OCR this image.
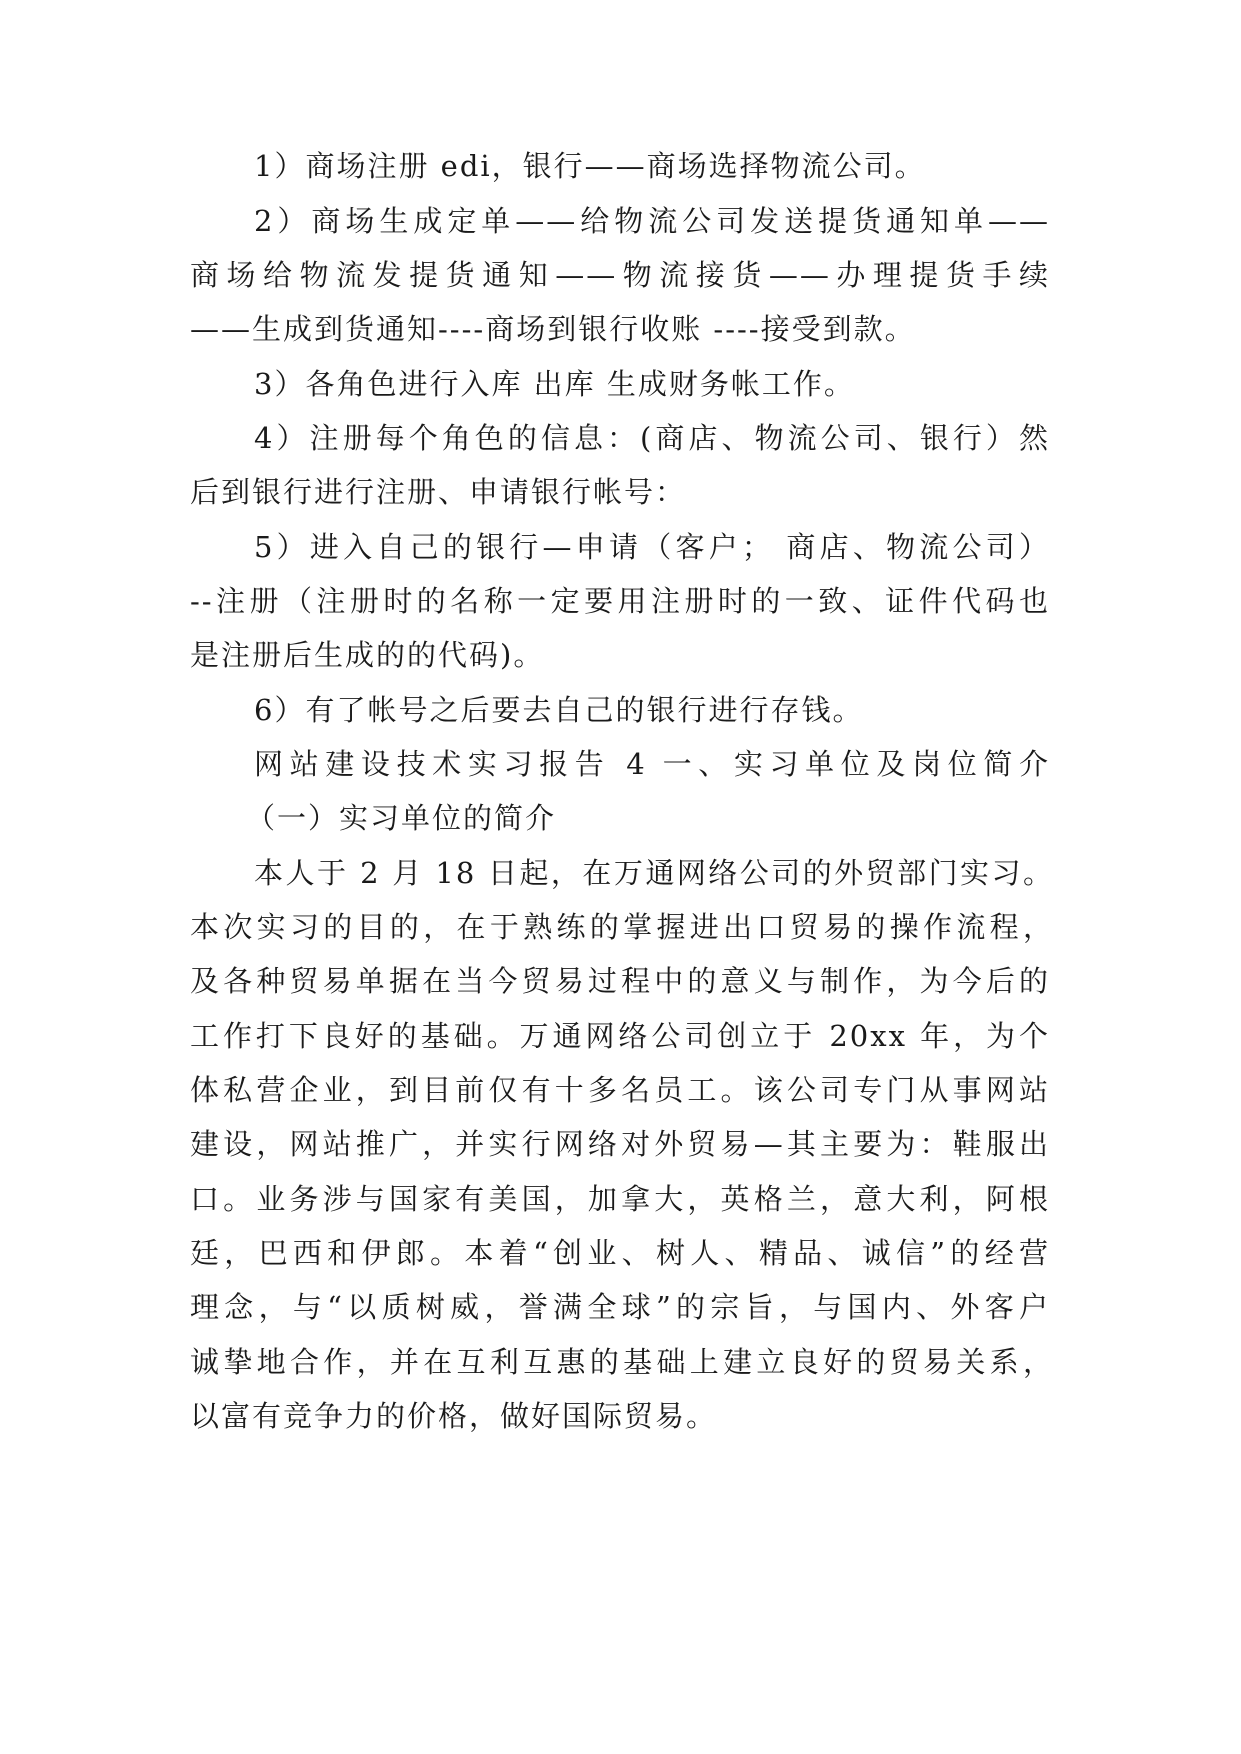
1）商场注册 edi，银行——商场选择物流公司。
2）商场生成定单——给物流公司发送提货通知单——
商场给物流发提货通知——物流接货——办理提货手续
——生成到货通知----商场到银行收账 ----接受到款。
3）各角色进行入库 出库 生成财务帐工作。
4）注册每个角色的信息：(商店、物流公司、银行）然
后到银行进行注册、申请银行帐号：
5）进入自己的银行—申请（客户； 商店、物流公司）
--注册（注册时的名称一定要用注册时的一致、证件代码也
是注册后生成的的代码)。
6）有了帐号之后要去自己的银行进行存钱。
网站建设技术实习报告 4 一、实习单位及岗位简介
（一）实习单位的简介
本人于 2 月 18 日起，在万通网络公司的外贸部门实习。
本次实习的目的，在于熟练的掌握进出口贸易的操作流程，
及各种贸易单据在当今贸易过程中的意义与制作，为今后的
工作打下良好的基础。万通网络公司创立于 20xx 年，为个
体私营企业，到目前仅有十多名员工。该公司专门从事网站
建设，网站推广，并实行网络对外贸易—其主要为：鞋服出
口。业务涉与国家有美国，加拿大，英格兰，意大利，阿根
廷，巴西和伊郎。本着“创业、树人、精品、诚信”的经营
理念，与“以质树威，誉满全球”的宗旨，与国内、外客户
诚挚地合作，并在互利互惠的基础上建立良好的贸易关系，
以富有竞争力的价格，做好国际贸易。
